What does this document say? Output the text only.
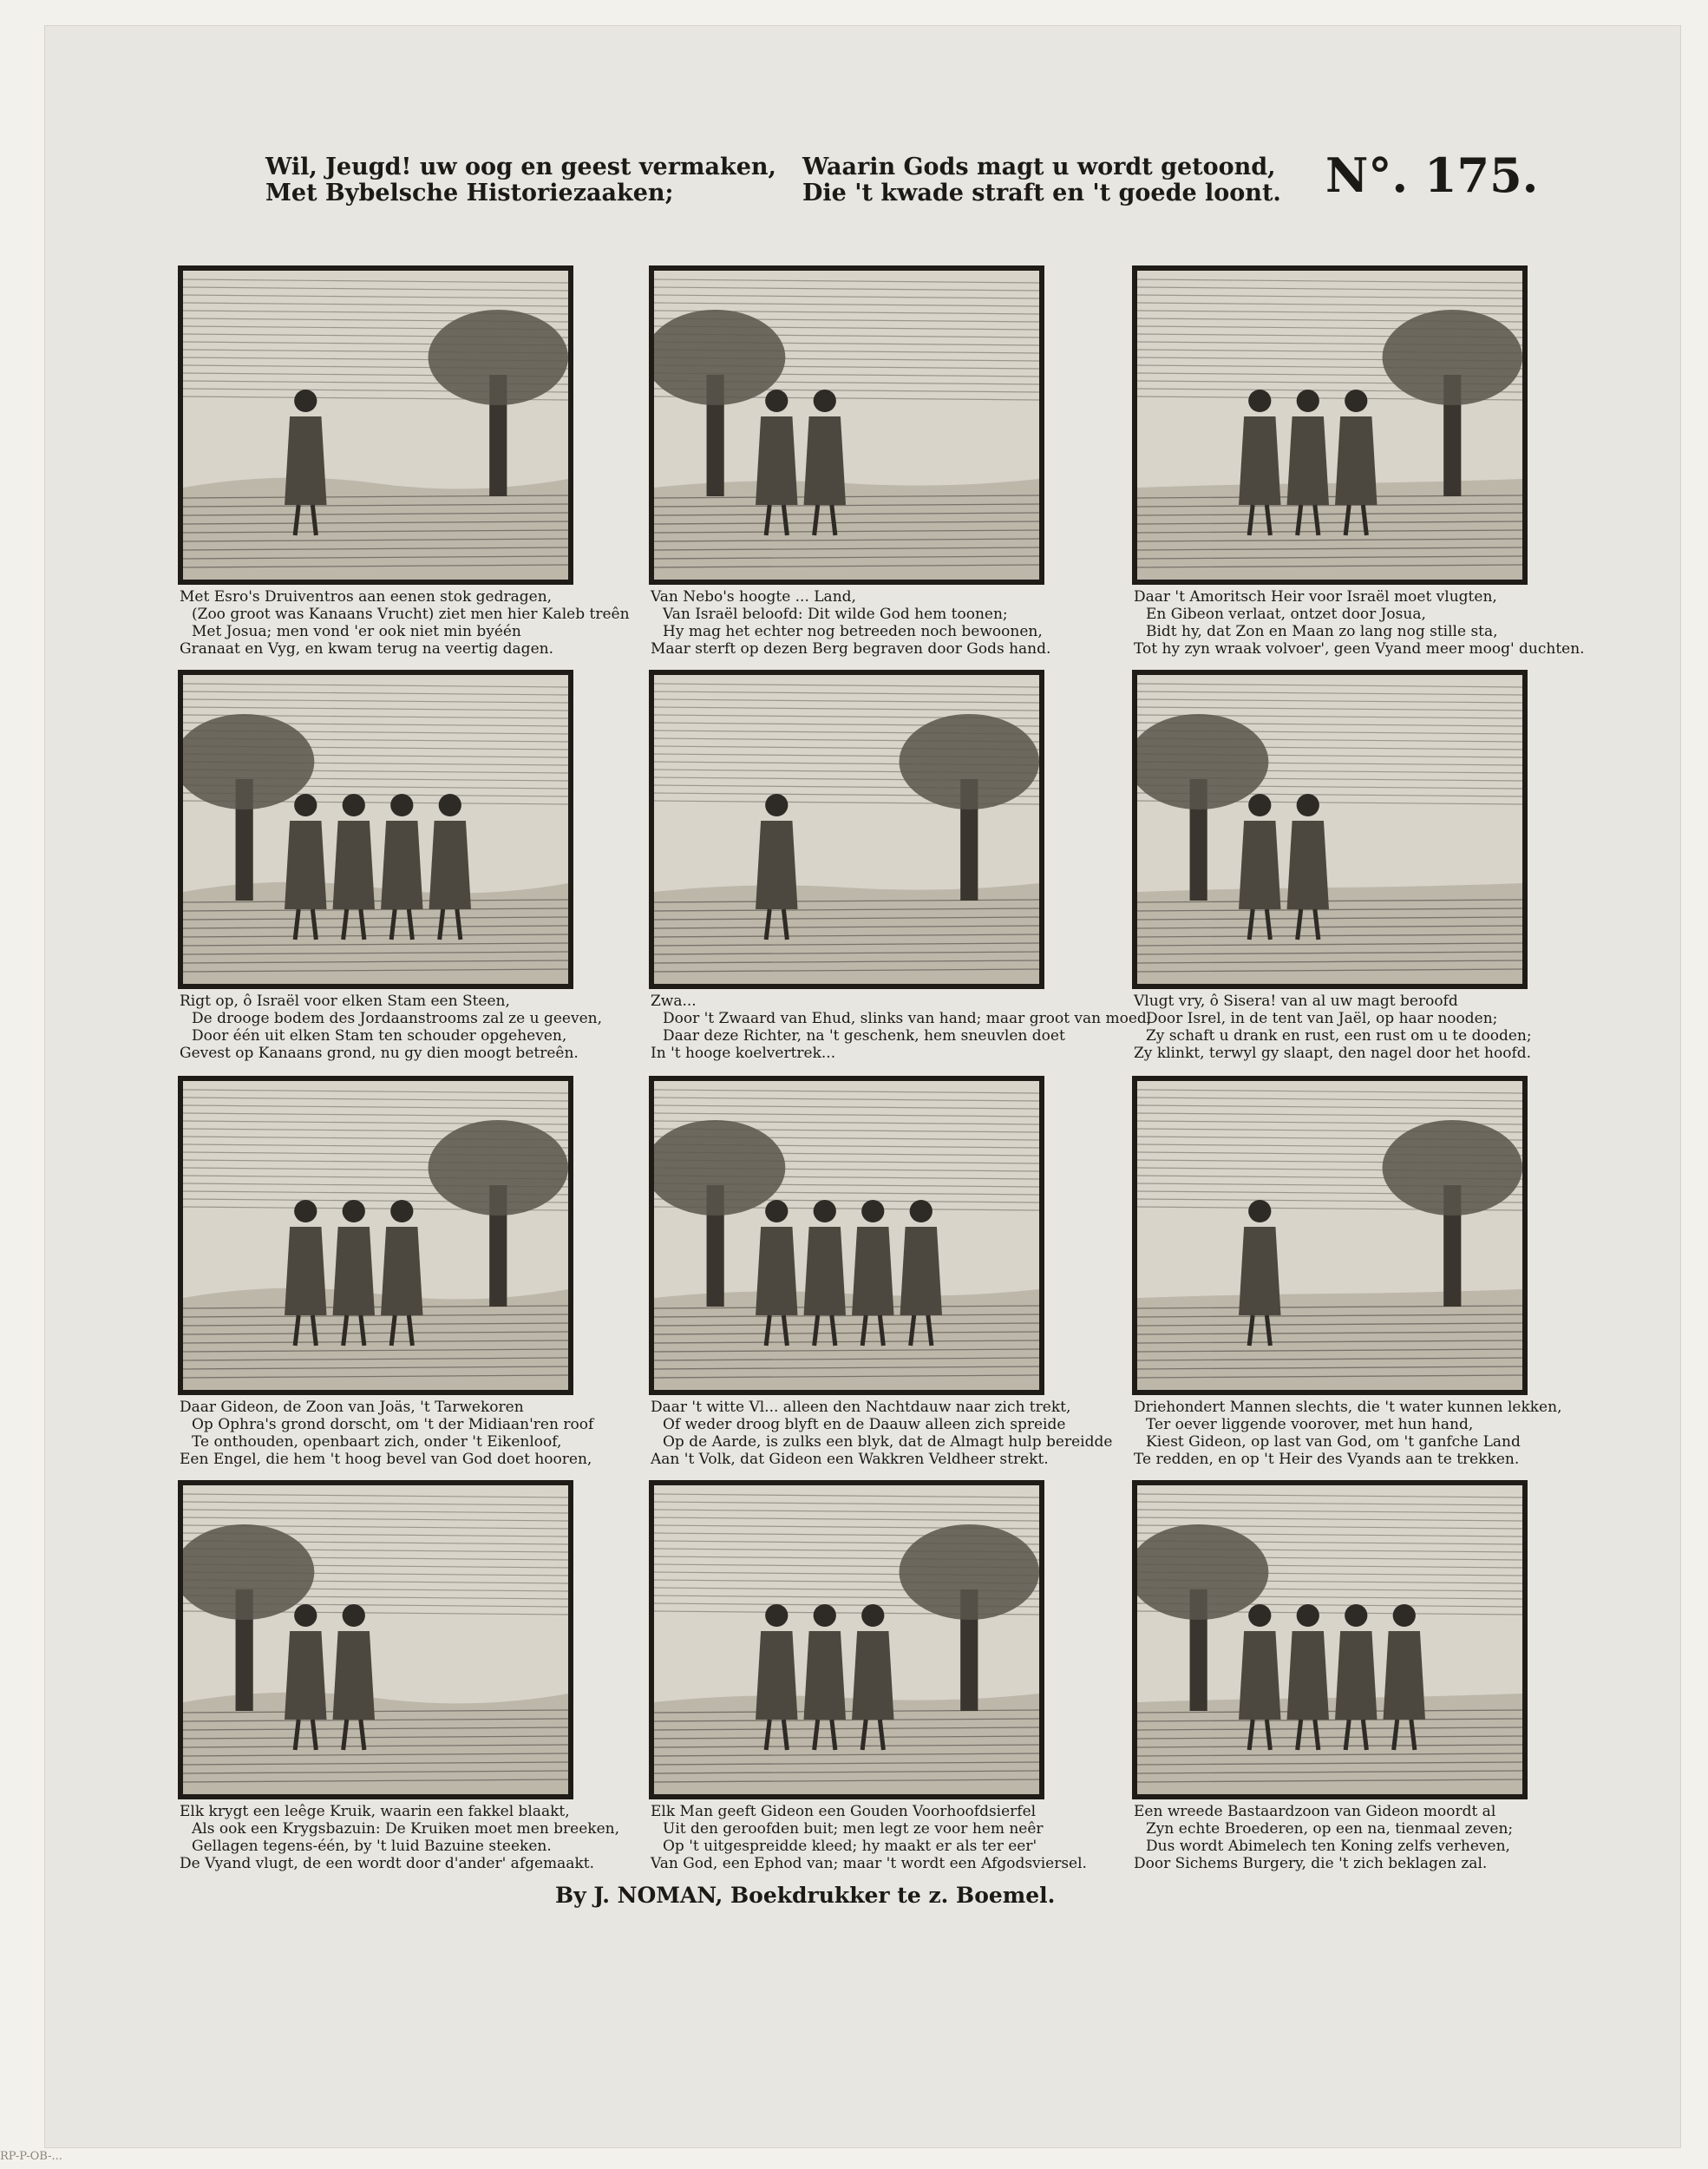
Wil, Jeugd! uw oog en geest vermaken,
Met Bybelsche Historiezaaken;
Waarin Gods magt u wordt getoond,
Die 't kwade straft en 't goede loont. N°. 175.
Met Esro's Druiventros aan eenen stok gedragen,
(Zoo groot was Kanaans Vrucht) ziet men hier Kaleb treên
Met Josua; men vond 'er ook niet min byéén
Granaat en Vyg, en kwam terug na veertig dagen.
Van Nebo's hoogte ... Land,
Van Israël beloofd: Dit wilde God hem toonen;
Hy mag het echter nog betreeden noch bewoonen,
Maar sterft op dezen Berg begraven door Gods hand.
Daar 't Amoritsch Heir voor Israël moet vlugten,
En Gibeon verlaat, ontzet door Josua,
Bidt hy, dat Zon en Maan zo lang nog stille sta,
Tot hy zyn wraak volvoer', geen Vyand meer moog' duchten.
Rigt op, ô Israël voor elken Stam een Steen,
De drooge bodem des Jordaanstrooms zal ze u geeven,
Door één uit elken Stam ten schouder opgeheven,
Gevest op Kanaans grond, nu gy dien moogt betreên.
Zwa...
Door 't Zwaard van Ehud, slinks van hand; maar groot van moed;
Daar deze Richter, na 't geschenk, hem sneuvlen doet
In 't hooge koelvertrek...
Vlugt vry, ô Sisera! van al uw magt beroofd
Door Isrel, in de tent van Jaël, op haar nooden;
Zy schaft u drank en rust, een rust om u te dooden;
Zy klinkt, terwyl gy slaapt, den nagel door het hoofd.
Daar Gideon, de Zoon van Joäs, 't Tarwekoren
Op Ophra's grond dorscht, om 't der Midiaan'ren roof
Te onthouden, openbaart zich, onder 't Eikenloof,
Een Engel, die hem 't hoog bevel van God doet hooren,
Daar 't witte Vl... alleen den Nachtdauw naar zich trekt,
Of weder droog blyft en de Daauw alleen zich spreide
Op de Aarde, is zulks een blyk, dat de Almagt hulp bereidde
Aan 't Volk, dat Gideon een Wakkren Veldheer strekt.
Driehondert Mannen slechts, die 't water kunnen lekken,
Ter oever liggende voorover, met hun hand,
Kiest Gideon, op last van God, om 't ganfche Land
Te redden, en op 't Heir des Vyands aan te trekken.
Elk krygt een leêge Kruik, waarin een fakkel blaakt,
Als ook een Krygsbazuin: De Kruiken moet men breeken,
Gellagen tegens-één, by 't luid Bazuine steeken.
De Vyand vlugt, de een wordt door d'ander' afgemaakt.
Elk Man geeft Gideon een Gouden Voorhoofdsierfel
Uit den geroofden buit; men legt ze voor hem neêr
Op 't uitgespreidde kleed; hy maakt er als ter eer'
Van God, een Ephod van; maar 't wordt een Afgodsviersel.
Een wreede Bastaardzoon van Gideon moordt al
Zyn echte Broederen, op een na, tienmaal zeven;
Dus wordt Abimelech ten Koning zelfs verheven,
Door Sichems Burgery, die 't zich beklagen zal.
By J. NOMAN, Boekdrukker te z. Boemel.
RP-P-OB-...
